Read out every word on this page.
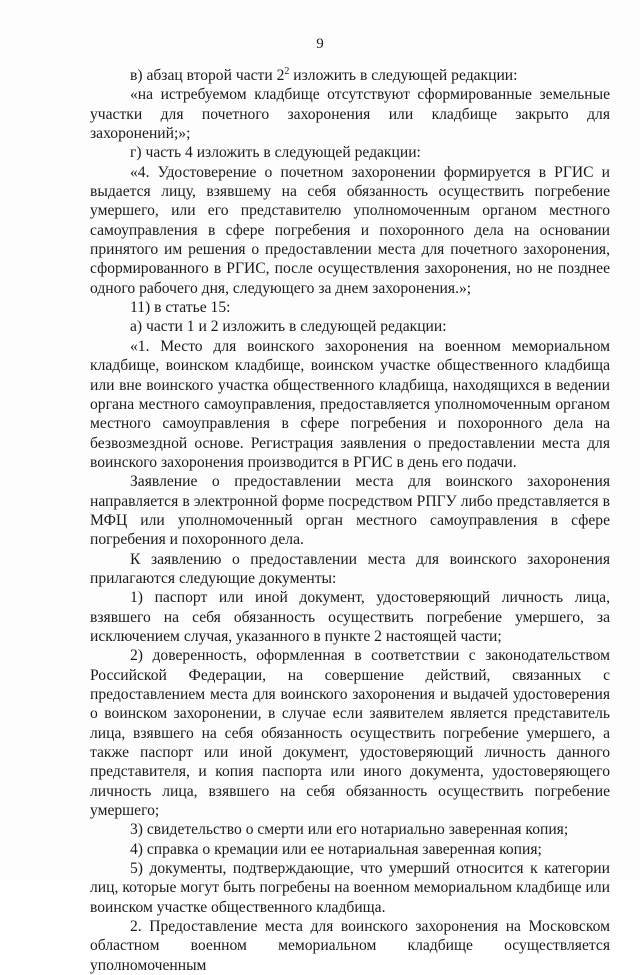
9

в) абзац второй части $2^2$ изложить в следующей редакции:

«на истребуемом кладбище отсутствуют сформированные земельные участки для почетного захоронения или кладбище закрыто для захоронений;»;

г) часть 4 изложить в следующей редакции:

«4. Удостоверение о почетном захоронении формируется в РГИС и выдается лицу, взявшему на себя обязанность осуществить погребение умершего, или его представителю уполномоченным органом местного самоуправления в сфере погребения и похоронного дела на основании принятого им решения о предоставлении места для почетного захоронения, сформированного в РГИС, после осуществления захоронения, но не позднее одного рабочего дня, следующего за днем захоронения.»;

11) в статье 15:

а) части 1 и 2 изложить в следующей редакции:

«1. Место для воинского захоронения на военном мемориальном кладбище, воинском кладбище, воинском участке общественного кладбища или вне воинского участка общественного кладбища, находящихся в ведении органа местного самоуправления, предоставляется уполномоченным органом местного самоуправления в сфере погребения и похоронного дела на безвозмездной основе. Регистрация заявления о предоставлении места для воинского захоронения производится в РГИС в день его подачи.

Заявление о предоставлении места для воинского захоронения направляется в электронной форме посредством РПГУ либо представляется в МФЦ или уполномоченный орган местного самоуправления в сфере погребения и похоронного дела.

К заявлению о предоставлении места для воинского захоронения прилагаются следующие документы:

1) паспорт или иной документ, удостоверяющий личность лица, взявшего на себя обязанность осуществить погребение умершего, за исключением случая, указанного в пункте 2 настоящей части;

2) доверенность, оформленная в соответствии с законодательством Российской Федерации, на совершение действий, связанных с предоставлением места для воинского захоронения и выдачей удостоверения о воинском захоронении, в случае если заявителем является представитель лица, взявшего на себя обязанность осуществить погребение умершего, а также паспорт или иной документ, удостоверяющий личность данного представителя, и копия паспорта или иного документа, удостоверяющего личность лица, взявшего на себя обязанность осуществить погребение умершего;

3) свидетельство о смерти или его нотариально заверенная копия;

4) справка о кремации или ее нотариальная заверенная копия;

5) документы, подтверждающие, что умерший относится к категории лиц, которые могут быть погребены на военном мемориальном кладбище или воинском участке общественного кладбища.

2. Предоставление места для воинского захоронения на Московском областном военном мемориальном кладбище осуществляется уполномоченным
